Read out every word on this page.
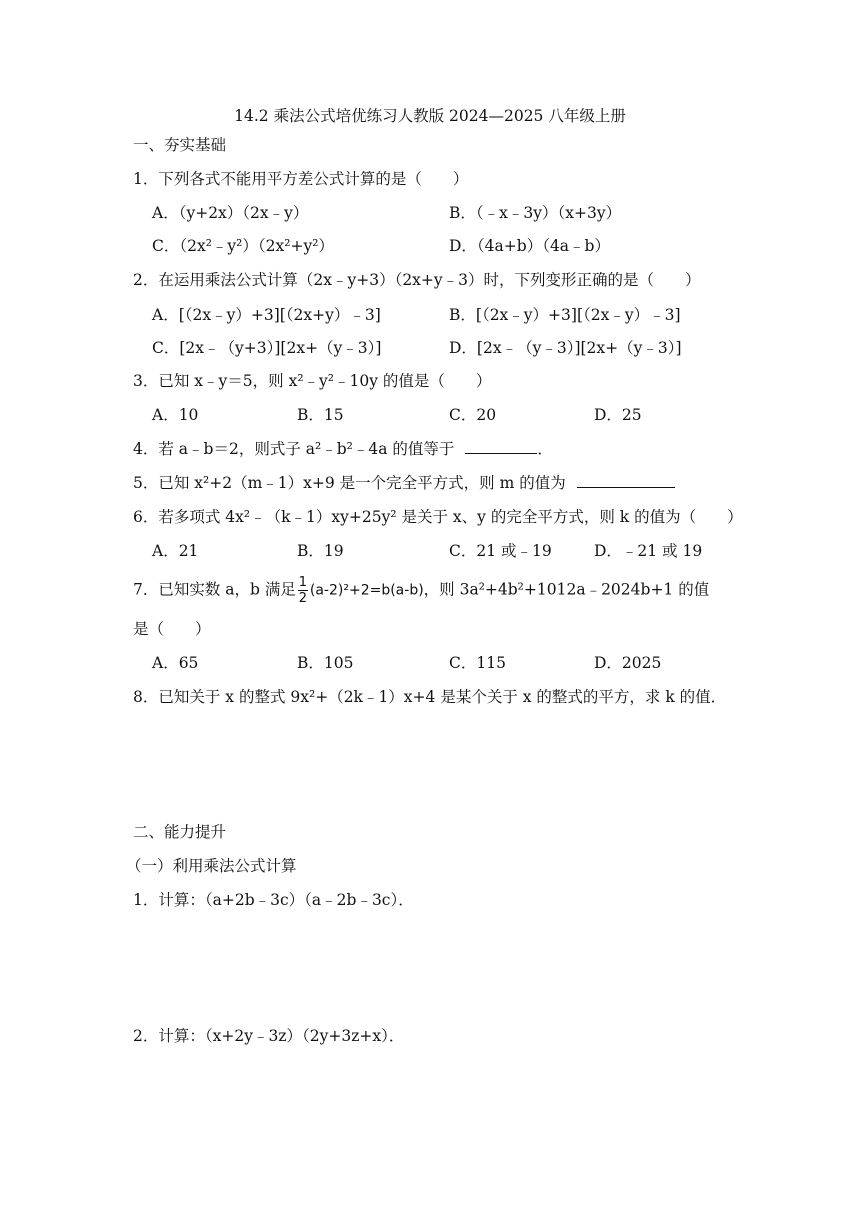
14.2 乘法公式培优练习人教版 2024—2025 八年级上册
一、夯实基础
1．下列各式不能用平方差公式计算的是（　　）
A．（y+2x）（2x﹣y）	B．（﹣x﹣3y）（x+3y）
C．（2x²﹣y²）（2x²+y²）	D．（4a+b）（4a﹣b）
2．在运用乘法公式计算（2x﹣y+3）（2x+y﹣3）时，下列变形正确的是（　　）
A．[（2x﹣y）+3][（2x+y）﹣3]	B．[（2x﹣y）+3][（2x﹣y）﹣3]
C．[2x﹣（y+3）][2x+（y﹣3）]	D．[2x﹣（y﹣3）][2x+（y﹣3）]
3．已知 x﹣y＝5，则 x²﹣y²﹣10y 的值是（　　）
A．10	B．15	C．20	D．25
4．若 a﹣b＝2，则式子 a²﹣b²﹣4a 的值等于	．
5．已知 x²+2（m﹣1）x+9 是一个完全平方式，则 m 的值为
6．若多项式 4x²﹣（k﹣1）xy+25y² 是关于 x、y 的完全平方式，则 k 的值为（　　）
A．21	B．19	C．21 或﹣19	D．﹣21 或 19
7．已知实数 a，b 满足 $\frac{1}{2} (a-2)^2+2=b(a-b)$，则 3a²+4b²+1012a﹣2024b+1 的值
是（　　）
A．65	B．105	C．115	D．2025
8．已知关于 x 的整式 9x²+（2k﹣1）x+4 是某个关于 x 的整式的平方，求 k 的值．
二、能力提升
（一）利用乘法公式计算
1．计算：（a+2b﹣3c）（a﹣2b﹣3c）．
2．计算：（x+2y﹣3z）（2y+3z+x）．
